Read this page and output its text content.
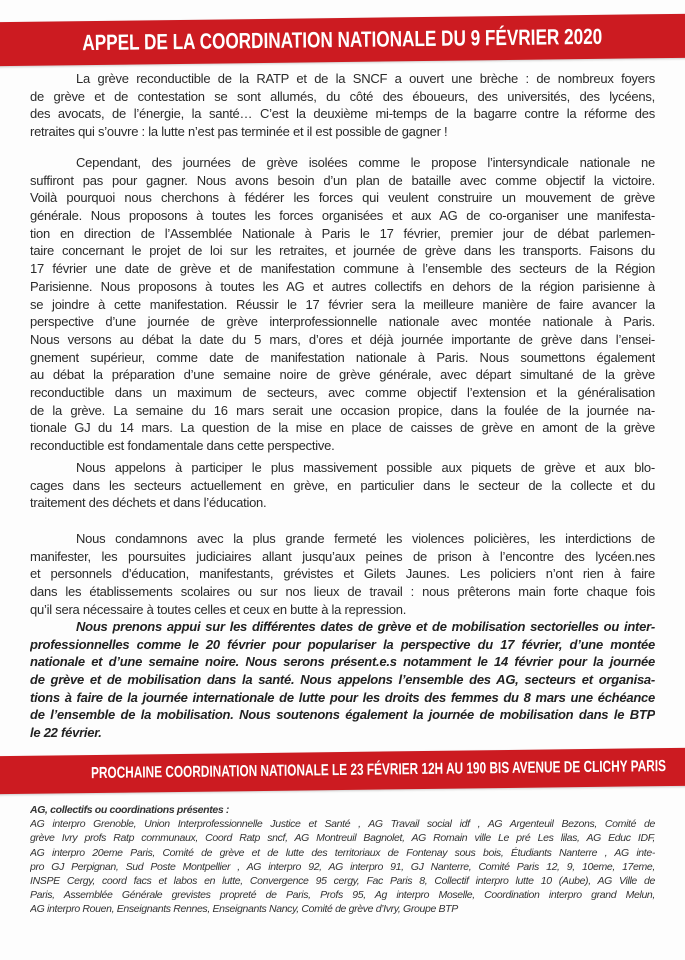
APPEL DE LA COORDINATION NATIONALE DU 9 FÉVRIER 2020
La grève reconductible de la RATP et de la SNCF a ouvert une brèche : de nombreux foyers
de grève et de contestation se sont allumés, du côté des éboueurs, des universités, des lycéens,
des avocats, de l’énergie, la santé… C’est la deuxième mi-temps de la bagarre contre la réforme des
retraites qui s’ouvre : la lutte n’est pas terminée et il est possible de gagner !
Cependant, des journées de grève isolées comme le propose l’intersyndicale nationale ne
suffiront pas pour gagner. Nous avons besoin d’un plan de bataille avec comme objectif la victoire.
Voilà pourquoi nous cherchons à fédérer les forces qui veulent construire un mouvement de grève
générale. Nous proposons à toutes les forces organisées et aux AG de co-organiser une manifesta-
tion en direction de l’Assemblée Nationale à Paris le 17 février, premier jour de débat parlemen-
taire concernant le projet de loi sur les retraites, et journée de grève dans les transports. Faisons du
17 février une date de grève et de manifestation commune à l’ensemble des secteurs de la Région
Parisienne. Nous proposons à toutes les AG et autres collectifs en dehors de la région parisienne à
se joindre à cette manifestation. Réussir le 17 février sera la meilleure manière de faire avancer la
perspective d’une journée de grève interprofessionnelle nationale avec montée nationale à Paris.
Nous versons au débat la date du 5 mars, d’ores et déjà journée importante de grève dans l’ensei-
gnement supérieur, comme date de manifestation nationale à Paris. Nous soumettons également
au débat la préparation d’une semaine noire de grève générale, avec départ simultané de la grève
reconductible dans un maximum de secteurs, avec comme objectif l’extension et la généralisation
de la grève. La semaine du 16 mars serait une occasion propice, dans la foulée de la journée na-
tionale GJ du 14 mars. La question de la mise en place de caisses de grève en amont de la grève
reconductible est fondamentale dans cette perspective.
Nous appelons à participer le plus massivement possible aux piquets de grève et aux blo-
cages dans les secteurs actuellement en grève, en particulier dans le secteur de la collecte et du
traitement des déchets et dans l’éducation.
Nous condamnons avec la plus grande fermeté les violences policières, les interdictions de
manifester, les poursuites judiciaires allant jusqu’aux peines de prison à l’encontre des lycéen.nes
et personnels d’éducation, manifestants, grévistes et Gilets Jaunes. Les policiers n’ont rien à faire
dans les établissements scolaires ou sur nos lieux de travail : nous prêterons main forte chaque fois
qu’il sera nécessaire à toutes celles et ceux en butte à la repression.
Nous prenons appui sur les différentes dates de grève et de mobilisation sectorielles ou inter-
professionnelles comme le 20 février pour populariser la perspective du 17 février, d’une montée
nationale et d’une semaine noire. Nous serons présent.e.s notamment le 14 février pour la journée
de grève et de mobilisation dans la santé. Nous appelons l’ensemble des AG, secteurs et organisa-
tions à faire de la journée internationale de lutte pour les droits des femmes du 8 mars une échéance
de l’ensemble de la mobilisation. Nous soutenons également la journée de mobilisation dans le BTP
le 22 février.
PROCHAINE COORDINATION NATIONALE LE 23 FÉVRIER 12H AU 190 BIS AVENUE DE CLICHY PARIS
AG, collectifs ou coordinations présentes :
AG interpro Grenoble, Union Interprofessionnelle Justice et Santé , AG Travail social idf , AG Argenteuil Bezons, Comité de
grève Ivry profs Ratp communaux, Coord Ratp sncf, AG Montreuil Bagnolet, AG Romain ville Le pré Les lilas, AG Educ IDF,
AG interpro 20eme Paris, Comité de grève et de lutte des territoriaux de Fontenay sous bois, Étudiants Nanterre , AG inte-
pro GJ Perpignan, Sud Poste Montpellier , AG interpro 92, AG interpro 91, GJ Nanterre, Comité Paris 12, 9, 10eme, 17eme,
INSPE Cergy, coord facs et labos en lutte, Convergence 95 cergy, Fac Paris 8, Collectif interpro lutte 10 (Aube), AG Ville de
Paris, Assemblée Générale grevistes propreté de Paris, Profs 95, Ag interpro Moselle, Coordination interpro grand Melun,
AG interpro Rouen, Enseignants Rennes, Enseignants Nancy, Comité de grève d’Ivry, Groupe BTP
